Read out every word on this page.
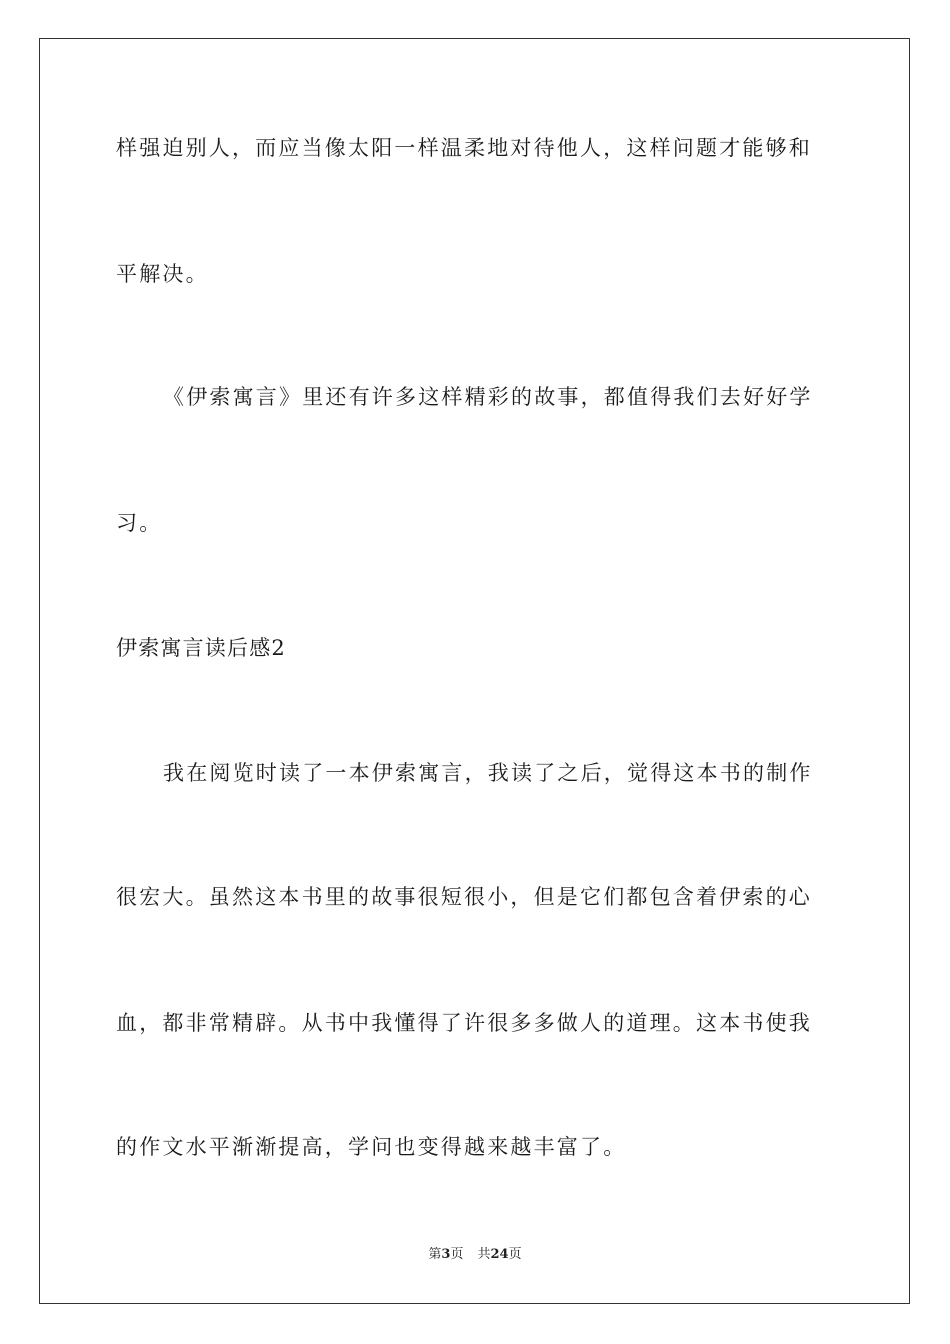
样强迫别人，而应当像太阳一样温柔地对待他人，这样问题才能够和
平解决。
《伊索寓言》里还有许多这样精彩的故事，都值得我们去好好学
习。
伊索寓言读后感2
我在阅览时读了一本伊索寓言，我读了之后，觉得这本书的制作
很宏大。虽然这本书里的故事很短很小，但是它们都包含着伊索的心
血，都非常精辟。从书中我懂得了许很多多做人的道理。这本书使我
的作文水平渐渐提高，学问也变得越来越丰富了。
第3页 共24页
